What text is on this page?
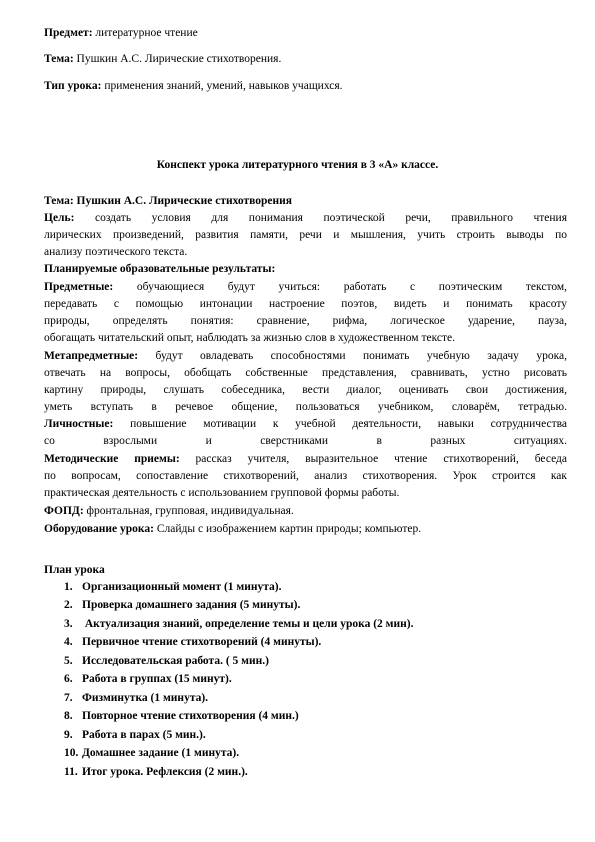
Предмет: литературное чтение
Тема: Пушкин А.С. Лирические стихотворения.
Тип урока: применения знаний, умений, навыков учащихся.
Конспект урока литературного чтения в 3 «А» классе.
Тема: Пушкин А.С. Лирические стихотворения
Цель: создать условия для понимания поэтической речи, правильного чтения
лирических произведений, развития памяти, речи и мышления, учить строить выводы по
анализу поэтического текста.
Планируемые образовательные результаты:
Предметные: обучающиеся будут учиться: работать с поэтическим текстом,
передавать с помощью интонации настроение поэтов, видеть и понимать красоту
природы, определять понятия: сравнение, рифма, логическое ударение, пауза,
обогащать читательский опыт, наблюдать за жизнью слов в художественном тексте.
Метапредметные: будут овладевать способностями понимать учебную задачу урока,
отвечать на вопросы, обобщать собственные представления, сравнивать, устно рисовать
картину природы, слушать собеседника, вести диалог, оценивать свои достижения,
уметь вступать в речевое общение, пользоваться учебником, словарём, тетрадью.
Личностные: повышение мотивации к учебной деятельности, навыки сотрудничества
со взрослыми и сверстниками в разных ситуациях.
Методические приемы: рассказ учителя, выразительное чтение стихотворений, беседа
по вопросам, сопоставление стихотворений, анализ стихотворения. Урок строится как
практическая деятельность с использованием групповой формы работы.
ФОПД: фронтальная, групповая, индивидуальная.
Оборудование урока: Слайды с изображением картин природы; компьютер.
План урока
1. Организационный момент (1 минута).
2. Проверка домашнего задания (5 минуты).
3. Актуализация знаний, определение темы и цели урока (2 мин).
4. Первичное чтение стихотворений (4 минуты).
5. Исследовательская работа. ( 5 мин.)
6. Работа в группах (15 минут).
7. Физминутка (1 минута).
8. Повторное чтение стихотворения (4 мин.)
9. Работа в парах (5 мин.).
10. Домашнее задание (1 минута).
11. Итог урока. Рефлексия (2 мин.).
